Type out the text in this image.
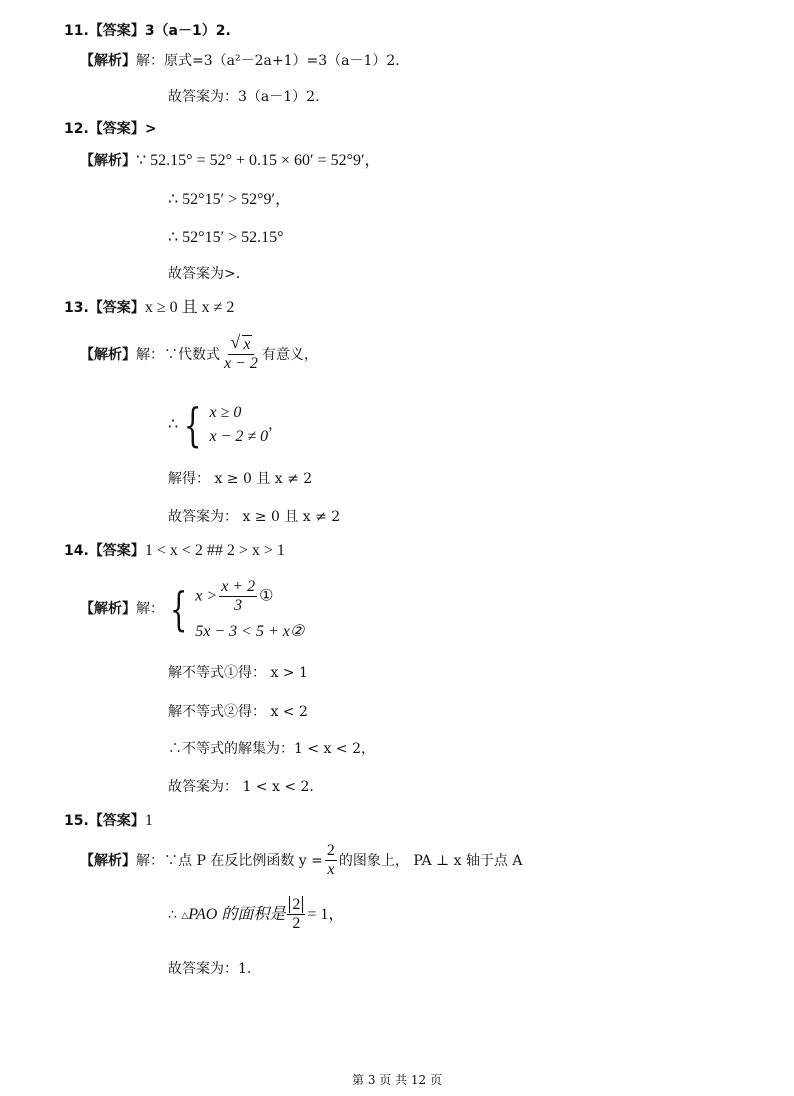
11.【答案】3（a－1）2.
【解析】解：原式=3（a²－2a+1）=3（a－1）2.
故答案为：3（a－1）2.
12.【答案】>
【解析】∵ 52.15° = 52° + 0.15 × 60′ = 52°9′，
∴ 52°15′ > 52°9′，
∴ 52°15′ > 52.15°
故答案为>.
13.【答案】x ≥ 0 且 x ≠ 2
【解析】解：∵代数式 $\frac{√ x}{x - 2}$ 有意义，
∴ { x ≥ 0
x − 2 ≠ 0
，
解得： x ≥ 0 且 x ≠ 2
故答案为： x ≥ 0 且 x ≠ 2
14.【答案】1 < x < 2 ## 2 > x > 1
【解析】 解： { $x > \frac{x + 2}{3}$ ①
5x − 3 < 5 + x②
解不等式①得： x > 1
解不等式②得： x < 2
∴不等式的解集为：1 < x < 2，
故答案为： 1 < x < 2.
15.【答案】1
【解析】解：∵点 P 在反比例函数 $y = \frac{2}{x}$ 的图象上， PA ⊥ x 轴于点 A
∴ △PAO 的面积是 $\frac{2}{2} = 1$，
故答案为：1.
第 3 页 共 12 页
